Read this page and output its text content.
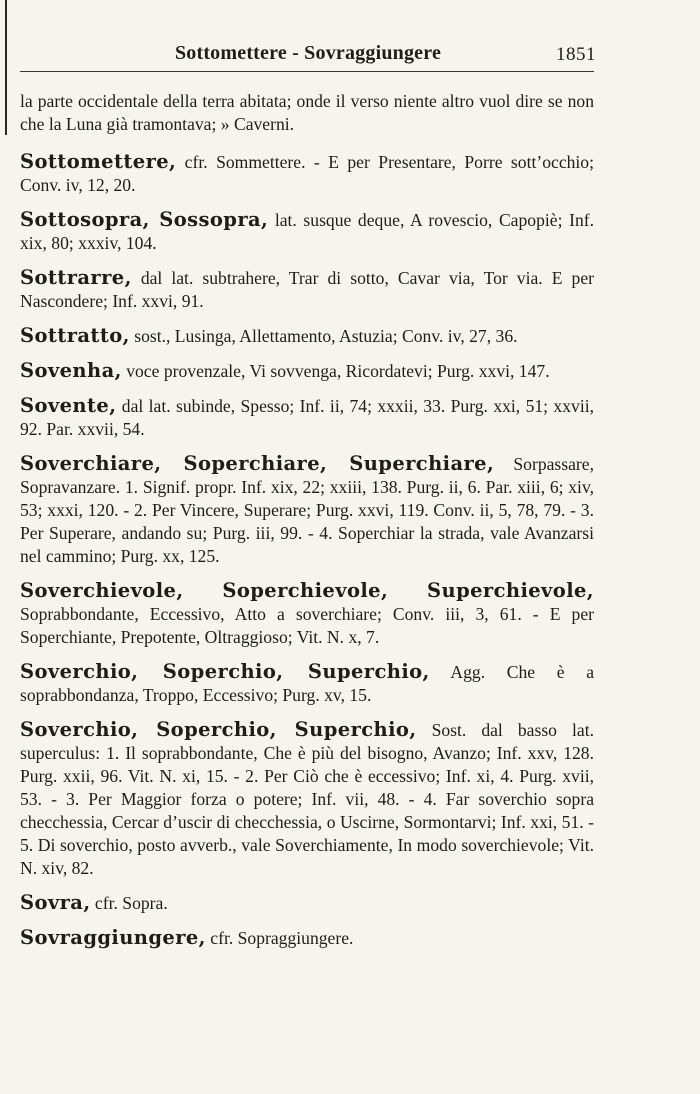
Sottomettere - Sovraggiungere	1851

la parte occidentale della terra abitata; onde il verso niente altro vuol dire se non che la Luna già tramontava; » Caverni.

Sottomettere, cfr. Sommettere. - E per Presentare, Porre sott’occhio; Conv. iv, 12, 20.

Sottosopra, Sossopra, lat. susque deque, A rovescio, Capopiè; Inf. xix, 80; xxxiv, 104.

Sottrarre, dal lat. subtrahere, Trar di sotto, Cavar via, Tor via. E per Nascondere; Inf. xxvi, 91.

Sottratto, sost., Lusinga, Allettamento, Astuzia; Conv. iv, 27, 36.

Sovenha, voce provenzale, Vi sovvenga, Ricordatevi; Purg. xxvi, 147.

Sovente, dal lat. subinde, Spesso; Inf. ii, 74; xxxii, 33. Purg. xxi, 51; xxvii, 92. Par. xxvii, 54.

Soverchiare, Soperchiare, Superchiare, Sorpassare, Sopravanzare. 1. Signif. propr. Inf. xix, 22; xxiii, 138. Purg. ii, 6. Par. xiii, 6; xiv, 53; xxxi, 120. - 2. Per Vincere, Superare; Purg. xxvi, 119. Conv. ii, 5, 78, 79. - 3. Per Superare, andando su; Purg. iii, 99. - 4. Soperchiar la strada, vale Avanzarsi nel cammino; Purg. xx, 125.

Soverchievole, Soperchievole, Superchievole, Soprabbondante, Eccessivo, Atto a soverchiare; Conv. iii, 3, 61. - E per Soperchiante, Prepotente, Oltraggioso; Vit. N. x, 7.

Soverchio, Soperchio, Superchio, Agg. Che è a soprabbondanza, Troppo, Eccessivo; Purg. xv, 15.

Soverchio, Soperchio, Superchio, Sost. dal basso lat. superculus: 1. Il soprabbondante, Che è più del bisogno, Avanzo; Inf. xxv, 128. Purg. xxii, 96. Vit. N. xi, 15. - 2. Per Ciò che è eccessivo; Inf. xi, 4. Purg. xvii, 53. - 3. Per Maggior forza o potere; Inf. vii, 48. - 4. Far soverchio sopra checchessia, Cercar d’uscir di checchessia, o Uscirne, Sormontarvi; Inf. xxi, 51. - 5. Di soverchio, posto avverb., vale Soverchiamente, In modo soverchievole; Vit. N. xiv, 82.

Sovra, cfr. Sopra.

Sovraggiungere, cfr. Sopraggiungere.
